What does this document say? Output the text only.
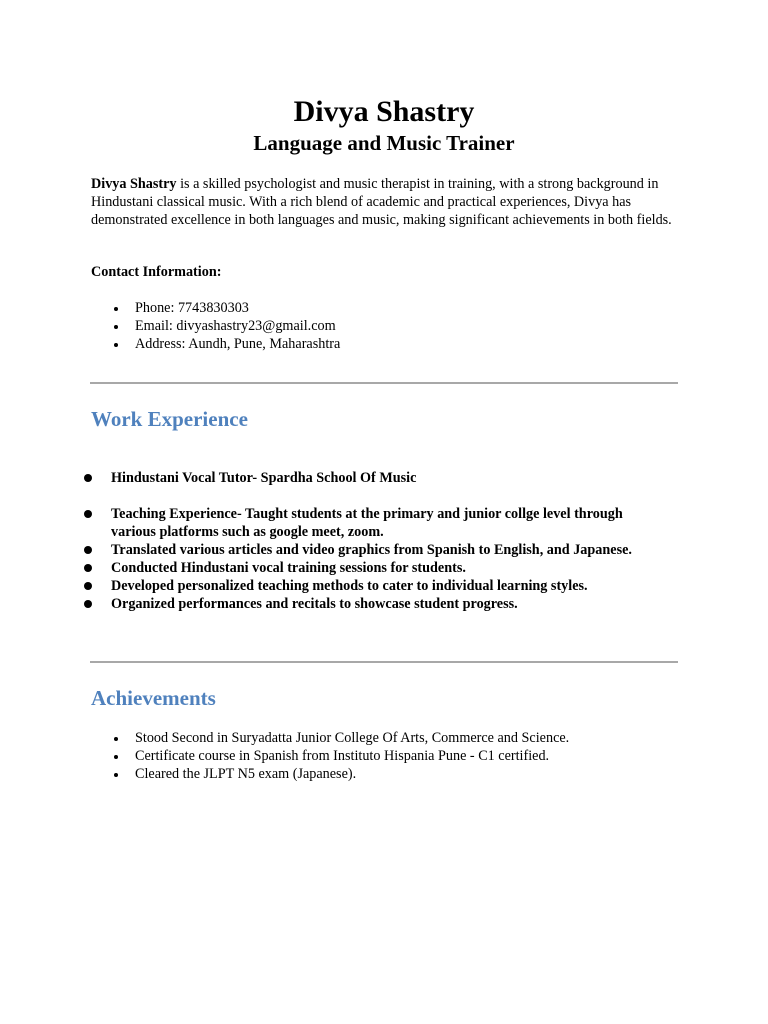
Divya Shastry
Language and Music Trainer

Divya Shastry is a skilled psychologist and music therapist in training, with a strong background in Hindustani classical music. With a rich blend of academic and practical experiences, Divya has demonstrated excellence in both languages and music, making significant achievements in both fields.

Contact Information:

Phone: 7743830303
Email: divyashastry23@gmail.com
Address: Aundh, Pune, Maharashtra
Work Experience
Hindustani Vocal Tutor- Spardha School Of Music
Teaching Experience- Taught students at the primary and junior collge level through various platforms such as google meet, zoom.
Translated various articles and video graphics from Spanish to English, and Japanese.
Conducted Hindustani vocal training sessions for students.
Developed personalized teaching methods to cater to individual learning styles.
Organized performances and recitals to showcase student progress.
Achievements
Stood Second in Suryadatta Junior College Of Arts, Commerce and Science.
Certificate course in Spanish from Instituto Hispania Pune - C1 certified.
Cleared the JLPT N5 exam (Japanese).
